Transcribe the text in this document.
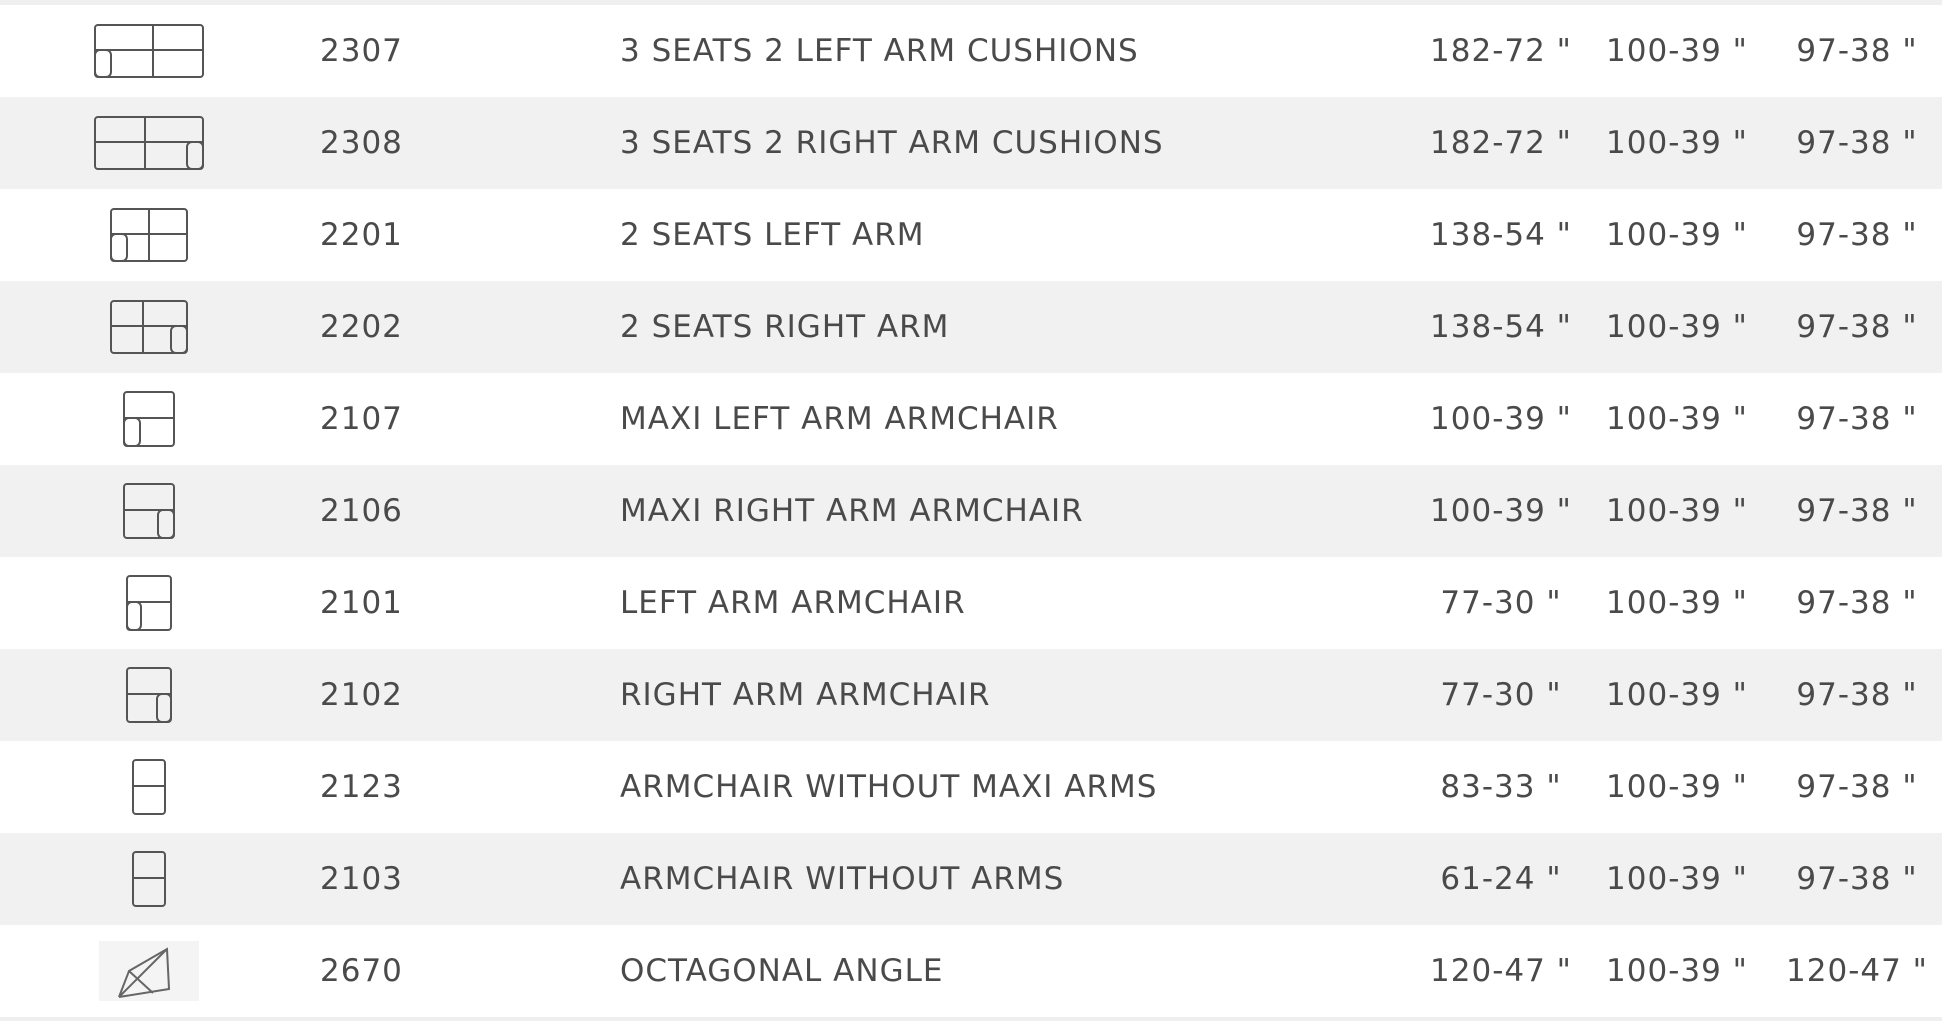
2307	3 SEATS 2 LEFT ARM CUSHIONS	182-72 "	100-39 "	97-38 "
2308	3 SEATS 2 RIGHT ARM CUSHIONS	182-72 "	100-39 "	97-38 "
2201	2 SEATS LEFT ARM	138-54 "	100-39 "	97-38 "
2202	2 SEATS RIGHT ARM	138-54 "	100-39 "	97-38 "
2107	MAXI LEFT ARM ARMCHAIR	100-39 "	100-39 "	97-38 "
2106	MAXI RIGHT ARM ARMCHAIR	100-39 "	100-39 "	97-38 "
2101	LEFT ARM ARMCHAIR	77-30 "	100-39 "	97-38 "
2102	RIGHT ARM ARMCHAIR	77-30 "	100-39 "	97-38 "
2123	ARMCHAIR WITHOUT MAXI ARMS	83-33 "	100-39 "	97-38 "
2103	ARMCHAIR WITHOUT ARMS	61-24 "	100-39 "	97-38 "
2670	OCTAGONAL ANGLE	120-47 "	100-39 "	120-47 "
